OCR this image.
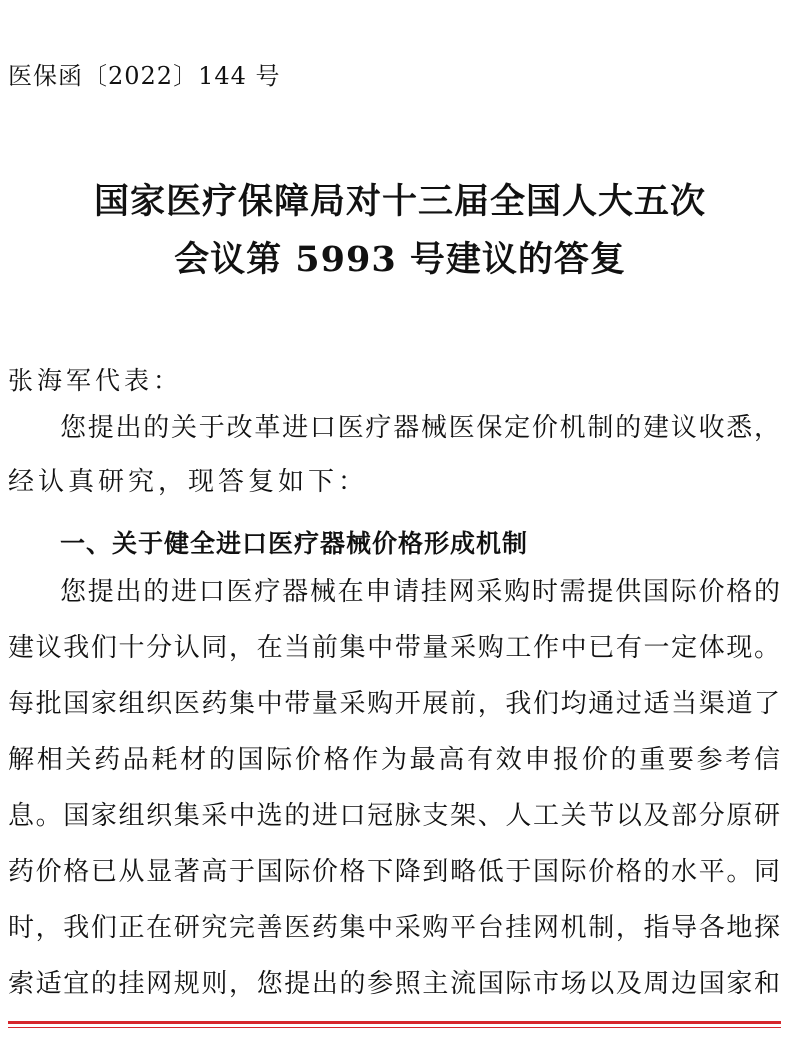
医保函〔2022〕144 号
国家医疗保障局对十三届全国人大五次
会议第 5993 号建议的答复
张海军代表：
您提出的关于改革进口医疗器械医保定价机制的建议收悉，
经认真研究，现答复如下：
一、关于健全进口医疗器械价格形成机制
您提出的进口医疗器械在申请挂网采购时需提供国际价格的
建议我们十分认同，在当前集中带量采购工作中已有一定体现。
每批国家组织医药集中带量采购开展前，我们均通过适当渠道了
解相关药品耗材的国际价格作为最高有效申报价的重要参考信
息。国家组织集采中选的进口冠脉支架、人工关节以及部分原研
药价格已从显著高于国际价格下降到略低于国际价格的水平。同
时，我们正在研究完善医药集中采购平台挂网机制，指导各地探
索适宜的挂网规则，您提出的参照主流国际市场以及周边国家和
